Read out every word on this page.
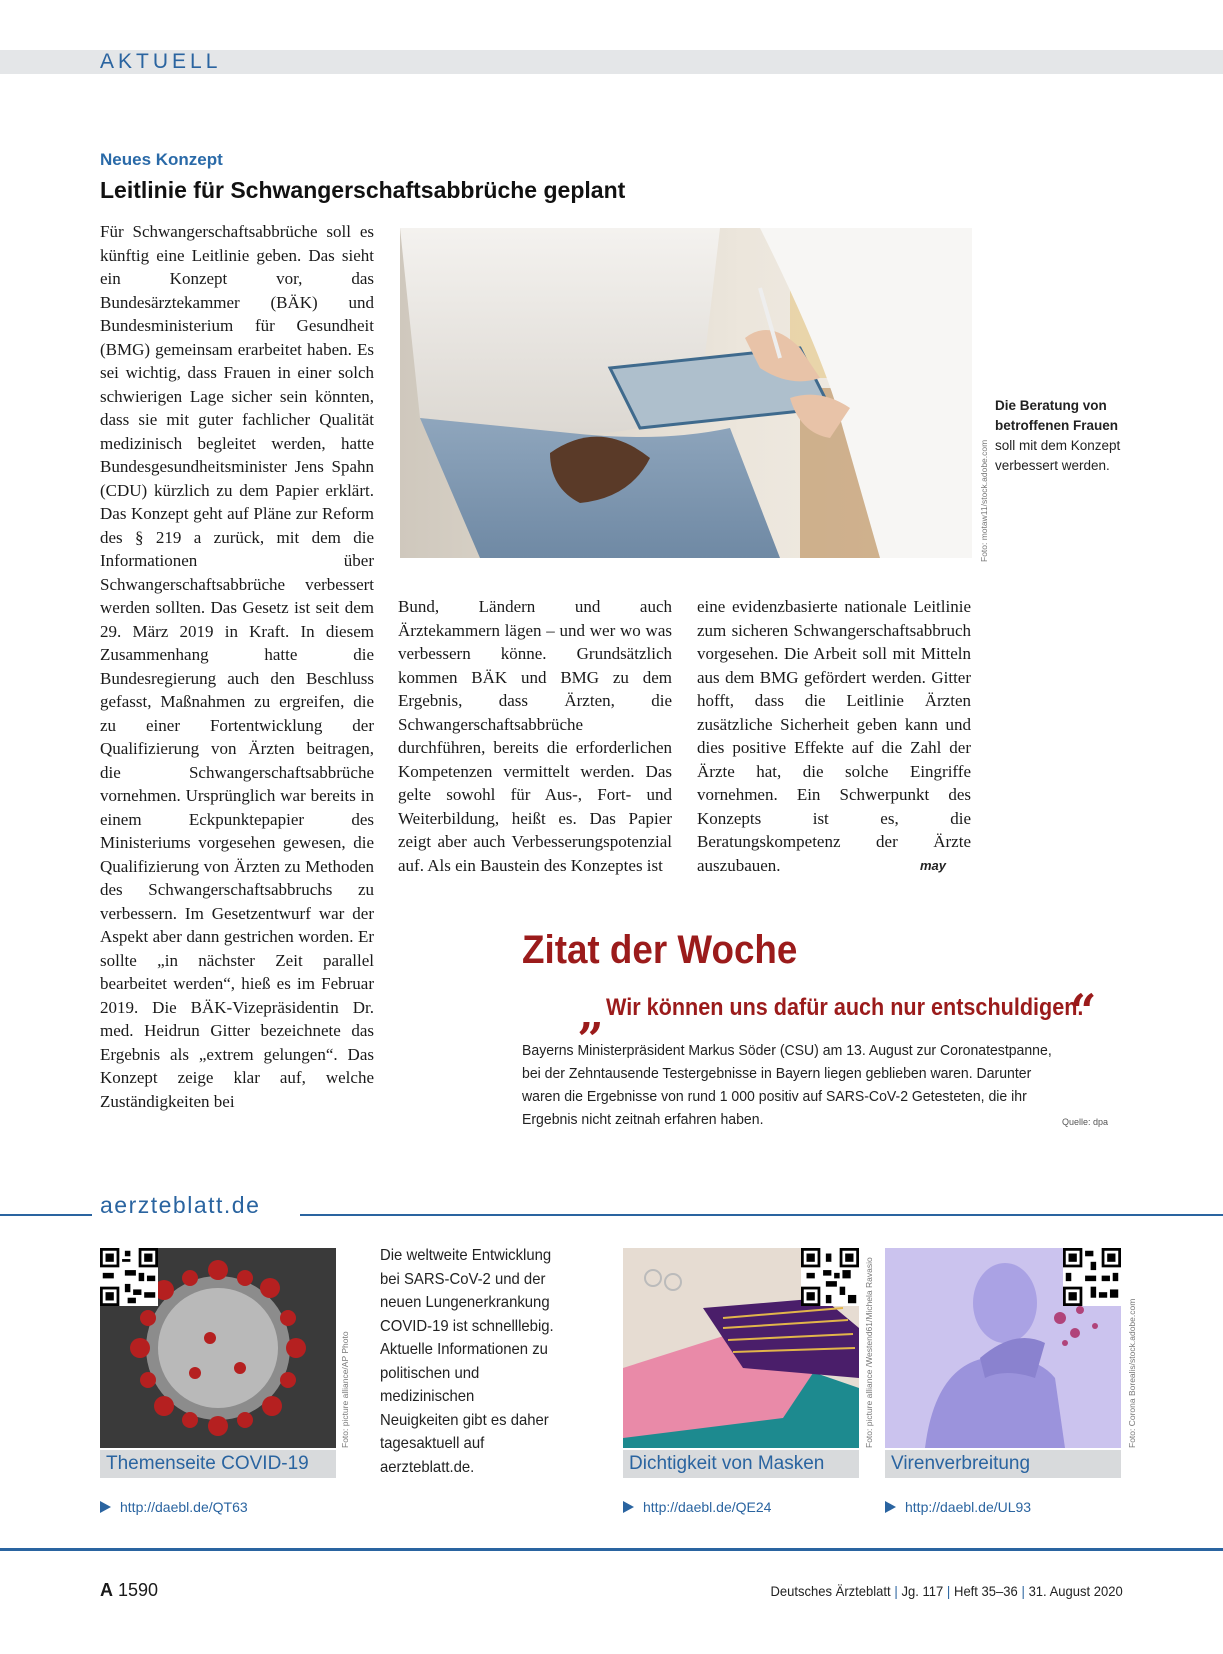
AKTUELL
Neues Konzept
Leitlinie für Schwangerschaftsabbrüche geplant
Für Schwangerschaftsabbrüche soll es künftig eine Leitlinie geben. Das sieht ein Konzept vor, das Bundesärztekammer (BÄK) und Bundesministerium für Gesundheit (BMG) gemeinsam erarbeitet haben. Es sei wichtig, dass Frauen in einer solch schwierigen Lage sicher sein könnten, dass sie mit guter fachlicher Qualität medizinisch begleitet werden, hatte Bundesgesundheitsminister Jens Spahn (CDU) kürzlich zu dem Papier erklärt. Das Konzept geht auf Pläne zur Reform des § 219 a zurück, mit dem die Informationen über Schwangerschaftsabbrüche verbessert werden sollten. Das Gesetz ist seit dem 29. März 2019 in Kraft. In diesem Zusammenhang hatte die Bundesregierung auch den Beschluss gefasst, Maßnahmen zu ergreifen, die zu einer Fortentwicklung der Qualifizierung von Ärzten beitragen, die Schwangerschaftsabbrüche vornehmen. Ursprünglich war bereits in einem Eckpunktepapier des Ministeriums vorgesehen gewesen, die Qualifizierung von Ärzten zu Methoden des Schwangerschaftsabbruchs zu verbessern. Im Gesetzentwurf war der Aspekt aber dann gestrichen worden. Er sollte „in nächster Zeit parallel bearbeitet werden“, hieß es im Februar 2019. Die BÄK-Vizepräsidentin Dr. med. Heidrun Gitter bezeichnete das Ergebnis als „extrem gelungen“. Das Konzept zeige klar auf, welche Zuständigkeiten bei
Foto: motaw11/stock.adobe.com
Die Beratung von betroffenen Frauen soll mit dem Konzept verbessert werden.
Bund, Ländern und auch Ärztekammern lägen – und wer wo was verbessern könne. Grundsätzlich kommen BÄK und BMG zu dem Ergebnis, dass Ärzten, die Schwangerschaftsabbrüche durchführen, bereits die erforderlichen Kompetenzen vermittelt werden. Das gelte sowohl für Aus-, Fort- und Weiterbildung, heißt es. Das Papier zeigt aber auch Verbesserungspotenzial auf. Als ein Baustein des Konzeptes ist
eine evidenzbasierte nationale Leitlinie zum sicheren Schwangerschaftsabbruch vorgesehen. Die Arbeit soll mit Mitteln aus dem BMG gefördert werden. Gitter hofft, dass die Leitlinie Ärzten zusätzliche Sicherheit geben kann und dies positive Effekte auf die Zahl der Ärzte hat, die solche Eingriffe vornehmen. Ein Schwerpunkt des Konzepts ist es, die Beratungskompetenz der Ärzte auszubauen.	may
Zitat der Woche
„ Wir können uns dafür auch nur entschuldigen.
“
Bayerns Ministerpräsident Markus Söder (CSU) am 13. August zur Coronatestpanne, bei der Zehntausende Testergebnisse in Bayern liegen geblieben waren. Darunter waren die Ergebnisse von rund 1 000 positiv auf SARS-CoV-2 Getesteten, die ihr Ergebnis nicht zeitnah erfahren haben.	Quelle: dpa
aerzteblatt.de
Foto: picture alliance/AP Photo
Themenseite COVID-19
http://daebl.de/QT63
Die weltweite Entwicklung bei SARS-CoV-2 und der neuen Lungenerkrankung COVID-19 ist schnelllebig. Aktuelle Informationen zu politischen und medizinischen Neuigkeiten gibt es daher tagesaktuell auf aerzteblatt.de.
Foto: picture alliance /Westend61/Michela Ravasio
Dichtigkeit von Masken
http://daebl.de/QE24
Foto: Corona Borealis/stock.adobe.com
Virenverbreitung
http://daebl.de/UL93
A 1590	Deutsches Ärzteblatt | Jg. 117 | Heft 35–36 | 31. August 2020
